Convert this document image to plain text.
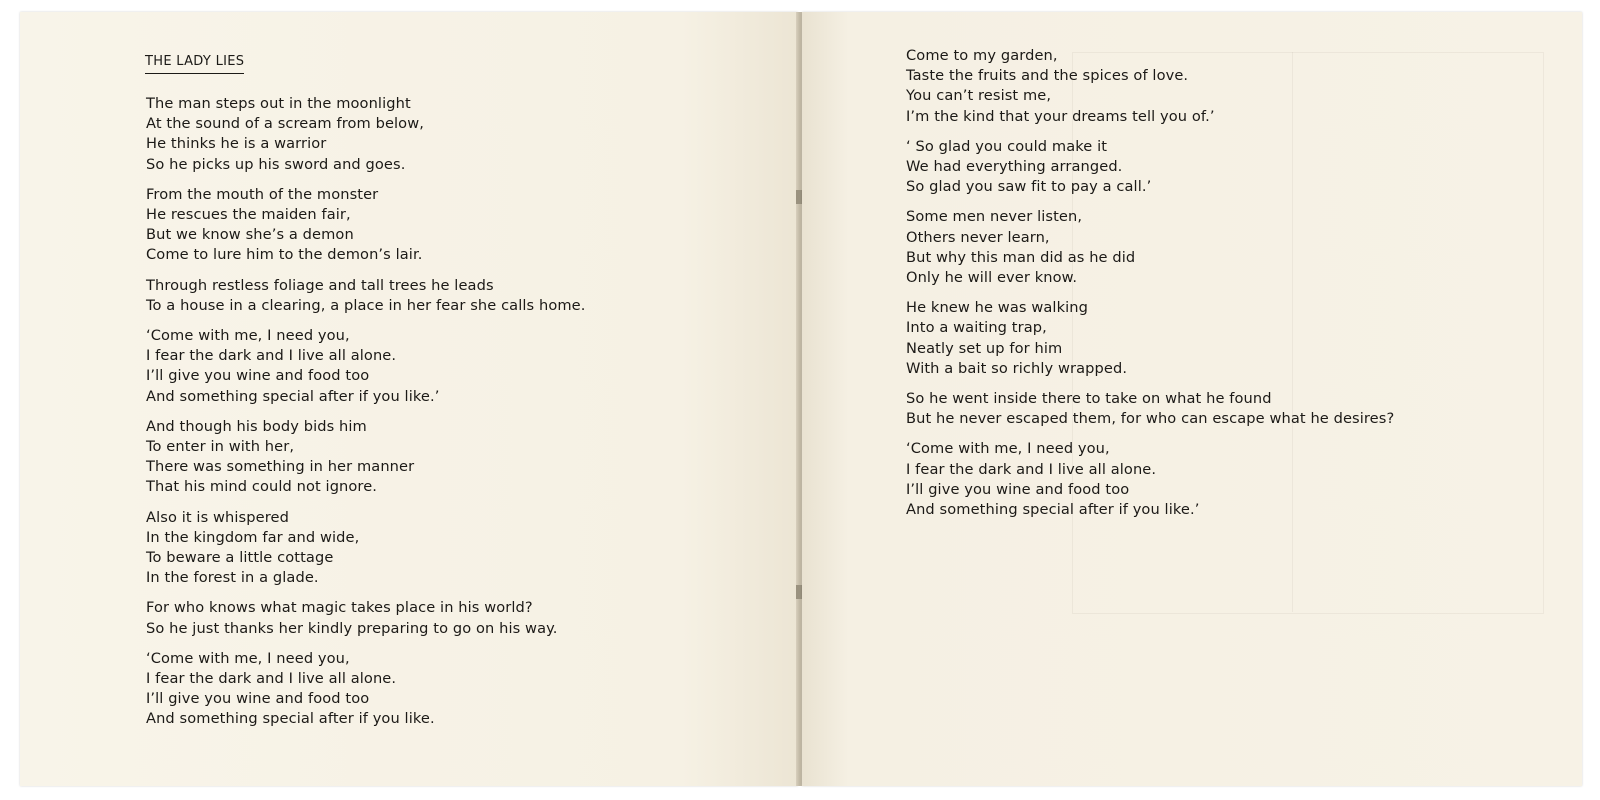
THE LADY LIES
The man steps out in the moonlight
At the sound of a scream from below,
He thinks he is a warrior
So he picks up his sword and goes.
From the mouth of the monster
He rescues the maiden fair,
But we know she’s a demon
Come to lure him to the demon’s lair.
Through restless foliage and tall trees he leads
To a house in a clearing, a place in her fear she calls home.
‘Come with me, I need you,
I fear the dark and I live all alone.
I’ll give you wine and food too
And something special after if you like.’
And though his body bids him
To enter in with her,
There was something in her manner
That his mind could not ignore.
Also it is whispered
In the kingdom far and wide,
To beware a little cottage
In the forest in a glade.
For who knows what magic takes place in his world?
So he just thanks her kindly preparing to go on his way.
‘Come with me, I need you,
I fear the dark and I live all alone.
I’ll give you wine and food too
And something special after if you like.
Come to my garden,
Taste the fruits and the spices of love.
You can’t resist me,
I’m the kind that your dreams tell you of.’
‘ So glad you could make it
We had everything arranged.
So glad you saw fit to pay a call.’
Some men never listen,
Others never learn,
But why this man did as he did
Only he will ever know.
He knew he was walking
Into a waiting trap,
Neatly set up for him
With a bait so richly wrapped.
So he went inside there to take on what he found
But he never escaped them, for who can escape what he desires?
‘Come with me, I need you,
I fear the dark and I live all alone.
I’ll give you wine and food too
And something special after if you like.’
